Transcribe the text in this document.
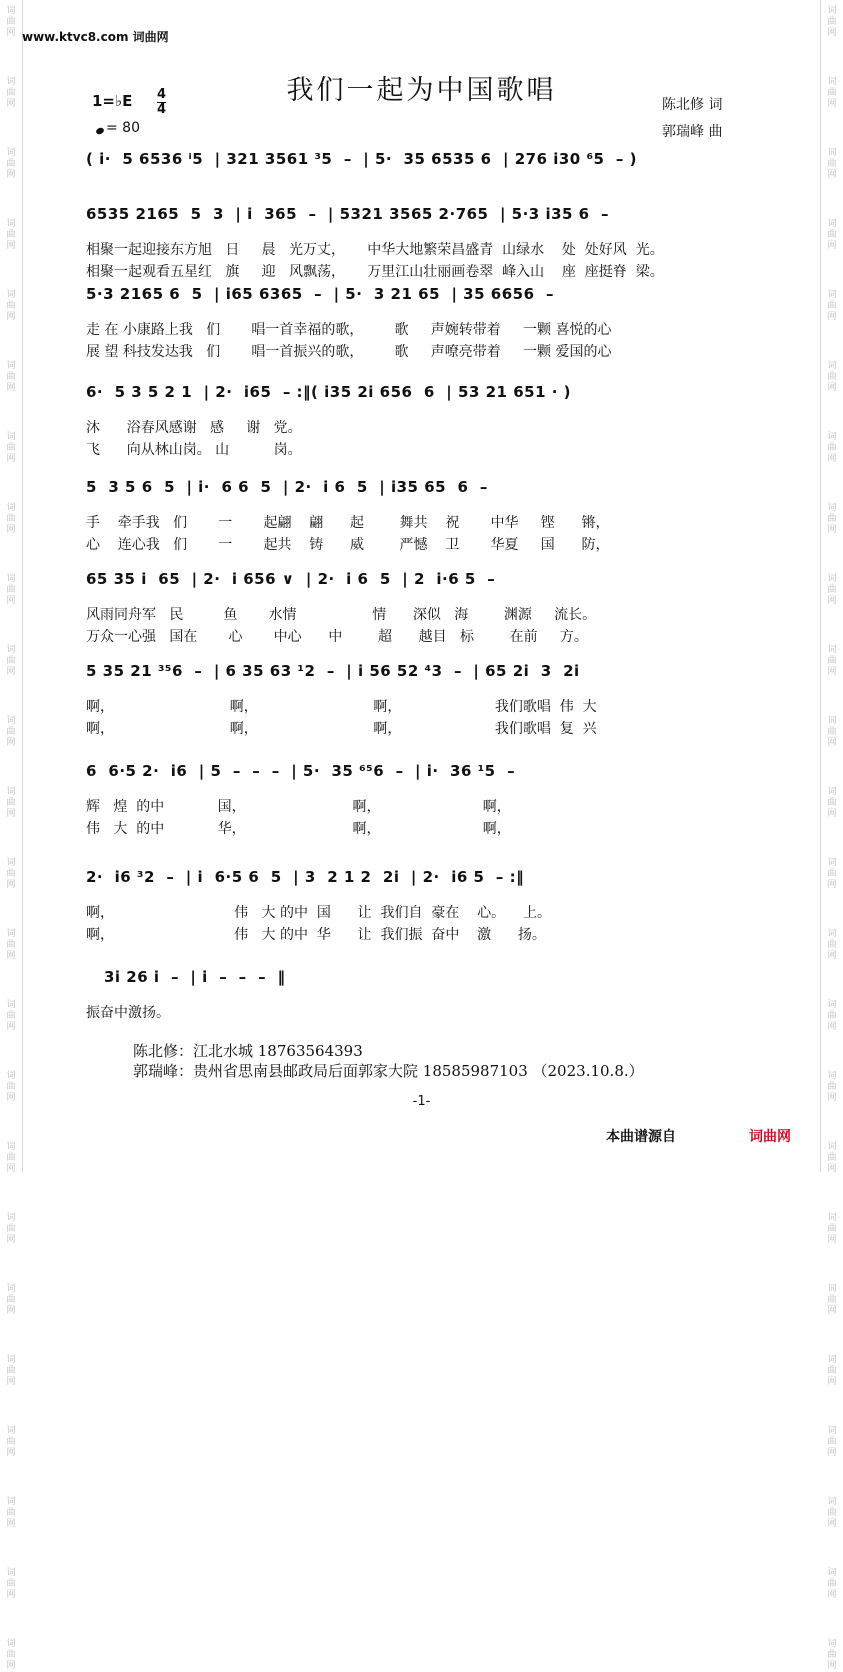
词
曲
网
词
曲
网
词
曲
网
词
曲
网
词
曲
网
词
曲
网
词
曲
网
词
曲
网
词
曲
网
词
曲
网
词
曲
网
词
曲
网
词
曲
网
词
曲
网
词
曲
网
词
曲
网
词
曲
网
词
曲
网
词
曲
网
词
曲
网
词
曲
网
词
曲
网
词
曲
网
词
曲
网
词
曲
网
词
曲
网
词
曲
网
词
曲
网
词
曲
网
词
曲
网
词
曲
网
词
曲
网
词
曲
网
词
曲
网
词
曲
网
词
曲
网
词
曲
网
词
曲
网
词
曲
网
词
曲
网
词
曲
网
词
曲
网
词
曲
网
词
曲
网
词
曲
网
词
曲
网
词
曲
网
词
曲
网
www.ktvc8.com 词曲网
我们一起为中国歌唱
1=♭E 4
4
= 80
陈北修 词
郭瑞峰 曲
( i·  5 6536 ⁱ5  | 321 3561 ³5  –  | 5·  35 6535 6  | 276 i30 ⁶5  – )
6535 2165  5  3  | i  365  –  | 5321 3565 2·765  | 5·3 i35 6  –
相聚一起迎接东方旭   日     晨   光万丈，     中华大地繁荣昌盛青  山绿水    处  处好风  光。
相聚一起观看五星红   旗     迎   风飘荡，     万里江山壮丽画卷翠  峰入山    座  座挺脊  梁。
5·3 2165 6  5  | i65 6365  –  | 5·  3 21 65  | 35 6656  –
走 在 小康路上我   们       唱一首幸福的歌，       歌     声婉转带着     一颗 喜悦的心
展 望 科技发达我   们       唱一首振兴的歌，       歌     声嘹亮带着     一颗 爱国的心
6·  5 3 5 2 1  | 2·  i65  – :‖( i35 2i 656  6  | 53 21 651 · )
沐      浴春风感谢   感     谢   党。
飞      向从林山岗。 山          岗。
5  3 5 6  5  | i·  6 6  5  | 2·  i 6  5  | i35 65  6  –
手    牵手我   们       一       起翩    翩      起        舞共    祝       中华     铿      锵，
心    连心我   们       一       起共    铸      威        严憾    卫       华夏     国      防，
65 35 i  65  | 2·  i 656 ∨  | 2·  i 6  5  | 2  i·6 5  –
风雨同舟军   民         鱼       水情                 情      深似   海        渊源     流长。
万众一心强   国在       心       中心      中        超      越目   标        在前     方。
5 35 21 ³⁵6  –  | 6 35 63 ¹2  –  | i 56 52 ⁴3  –  | 65 2i  3  2i
啊，                          啊，                          啊，                     我们歌唱  伟  大
啊，                          啊，                          啊，                     我们歌唱  复  兴
6  6·5 2·  i6  | 5  –  –  –  | 5·  35 ⁶⁵6  –  | i·  36 ¹5  –
辉   煌  的中            国，                        啊，                       啊，
伟   大  的中            华，                        啊，                       啊，
2·  i6 ³2  –  | i  6·5 6  5  | 3  2 1 2  2i  | 2·  i6 5  – :‖
啊，                           伟   大 的中  国      让  我们自  豪在    心。    上。
啊，                           伟   大 的中  华      让  我们振  奋中    激      扬。
3i 26 i  –  | i  –  –  –  ‖
振奋中激扬。
陈北修：江北水城 18763564393
郭瑞峰：贵州省思南县邮政局后面郭家大院 18585987103 （2023.10.8.）
-1-
本曲谱源自	词曲网
